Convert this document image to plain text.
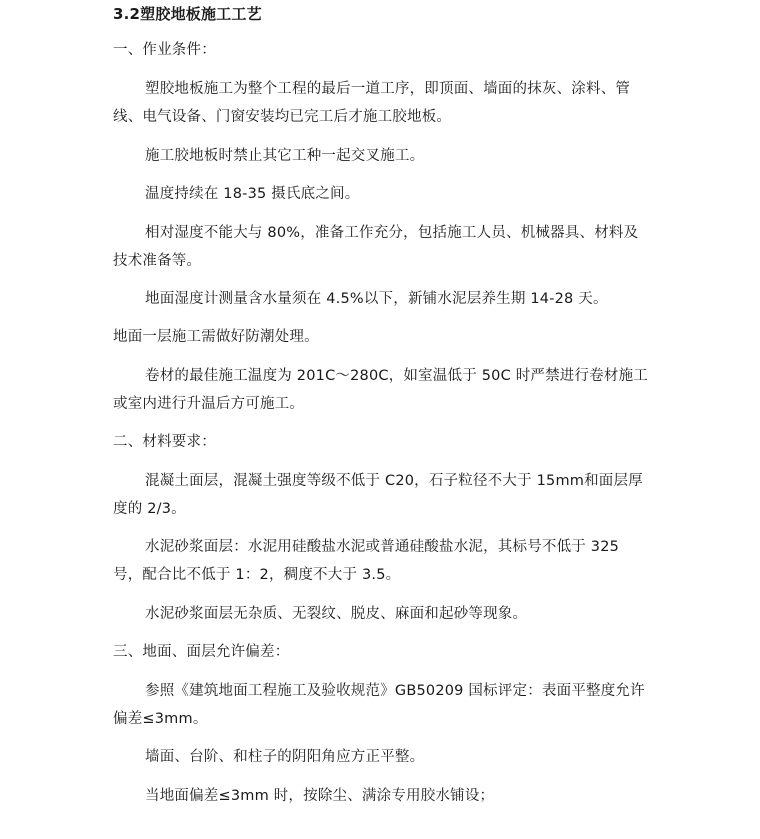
3.2塑胶地板施工工艺
一、作业条件：
塑胶地板施工为整个工程的最后一道工序，即顶面、墙面的抹灰、涂料、管
线、电气设备、门窗安装均已完工后才施工胶地板。
施工胶地板时禁止其它工种一起交叉施工。
温度持续在 18-35 摄氏底之间。
相对湿度不能大与 80%，准备工作充分，包括施工人员、机械器具、材料及
技术准备等。
地面湿度计测量含水量须在 4.5%以下，新铺水泥层养生期 14-28 天。
地面一层施工需做好防潮处理。
卷材的最佳施工温度为 201C～280C，如室温低于 50C 时严禁进行卷材施工
或室内进行升温后方可施工。
二、材料要求：
混凝土面层，混凝土强度等级不低于 C20，石子粒径不大于 15mm和面层厚
度的 2/3。
水泥砂浆面层：水泥用硅酸盐水泥或普通硅酸盐水泥，其标号不低于 325
号，配合比不低于 1：2，稠度不大于 3.5。
水泥砂浆面层无杂质、无裂纹、脱皮、麻面和起砂等现象。
三、地面、面层允许偏差：
参照《建筑地面工程施工及验收规范》GB50209 国标评定：表面平整度允许
偏差≤3mm。
墙面、台阶、和柱子的阴阳角应方正平整。
当地面偏差≤3mm 时，按除尘、满涂专用胶水铺设；
